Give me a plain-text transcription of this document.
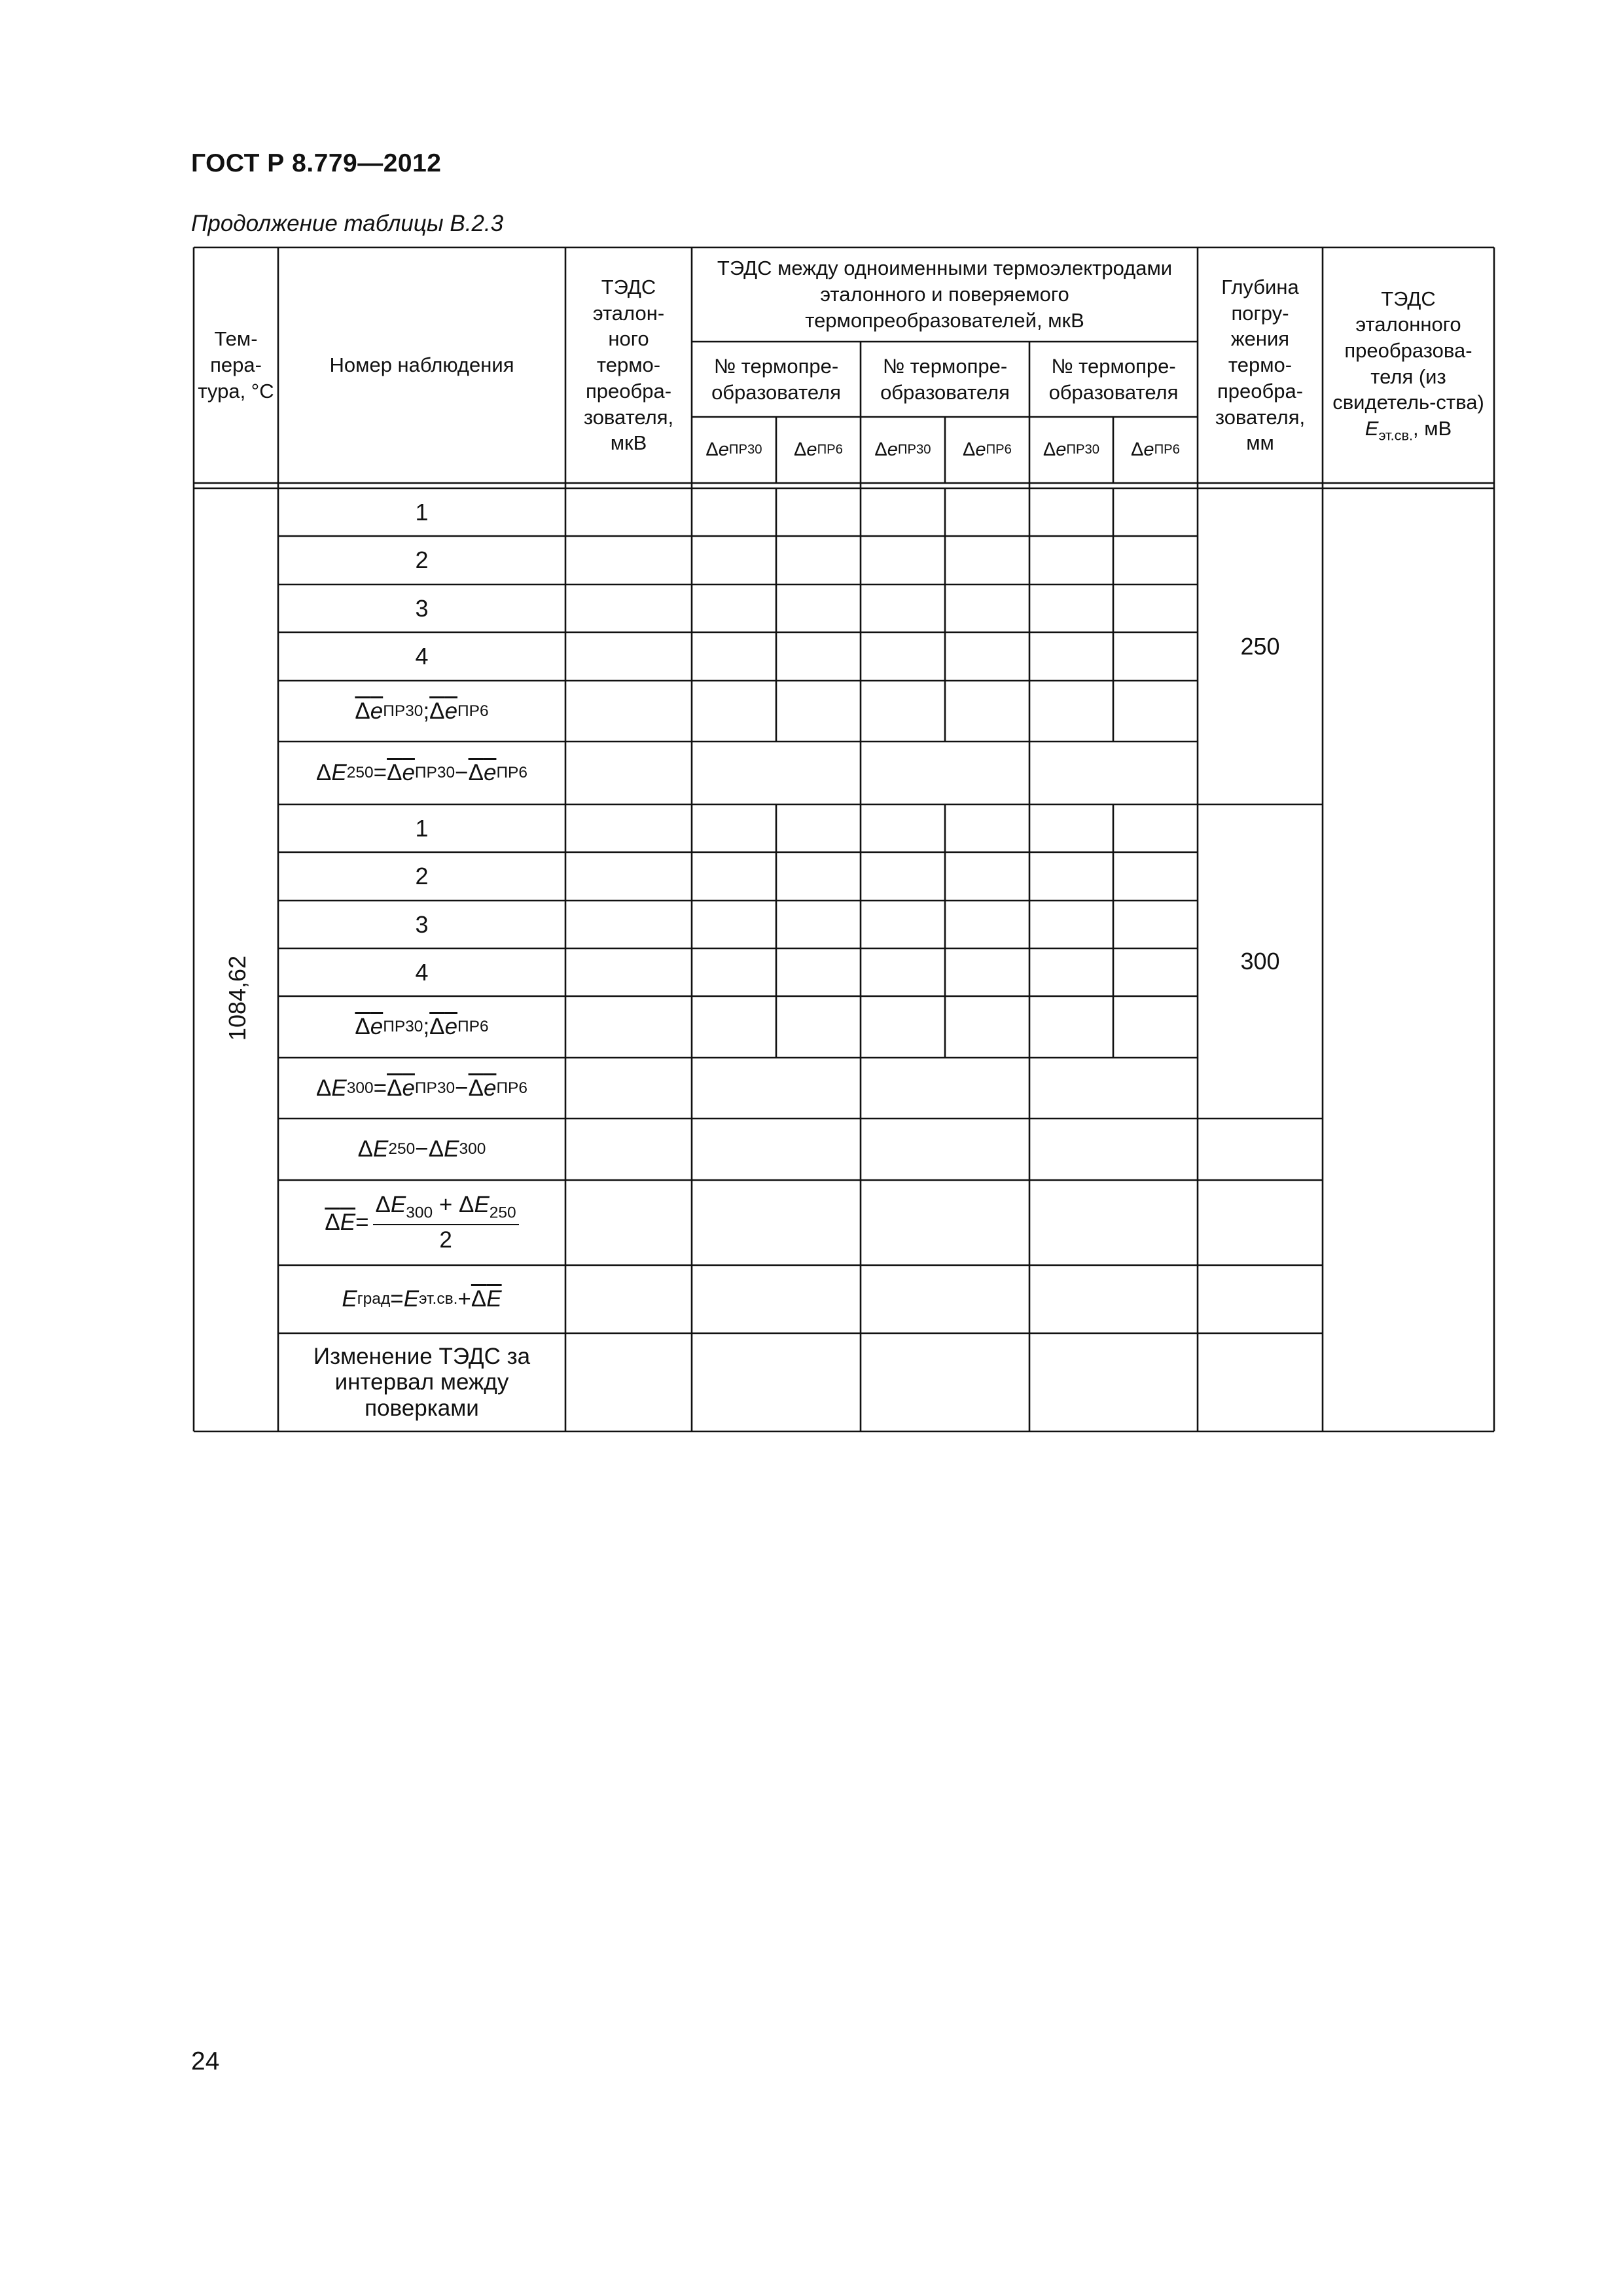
ГОСТ Р 8.779—2012
Продолжение таблицы В.2.3
Тем-пера-тура, °С
Номер наблюдения
ТЭДС эталон-ного термо-преобра-зователя, мкВ
ТЭДС между одноименными термоэлектродами эталонного и поверяемого термопреобразователей, мкВ
№ термопре-образователя
№ термопре-образователя
№ термопре-образователя
Δ e ПР30 Δ e ПР6 Δ e ПР30 Δ e ПР6 Δ e ПР30 Δ e ПР6
Глубина погру-жения термо-преобра-зователя, мм
ТЭДС эталонного преобразова-теля (из свидетель-ства)
$E_{эт.св.}$, мВ
1084,62
1
2
3
4
Δe ПР30 ; Δe ПР6
Δ E 250 = Δe ПР30 − Δe ПР6
250
1
2
3
4
Δe ПР30 ; Δe ПР6
Δ E 300 = Δe ПР30 − Δe ПР6
300
Δ E 250 − Δ E 300
$\Delta E = \frac{\Delta E_{300} + \Delta E_{250}}{2}$
E град = E эт.св. + ΔE
Изменение ТЭДС за интервал между поверками
24
